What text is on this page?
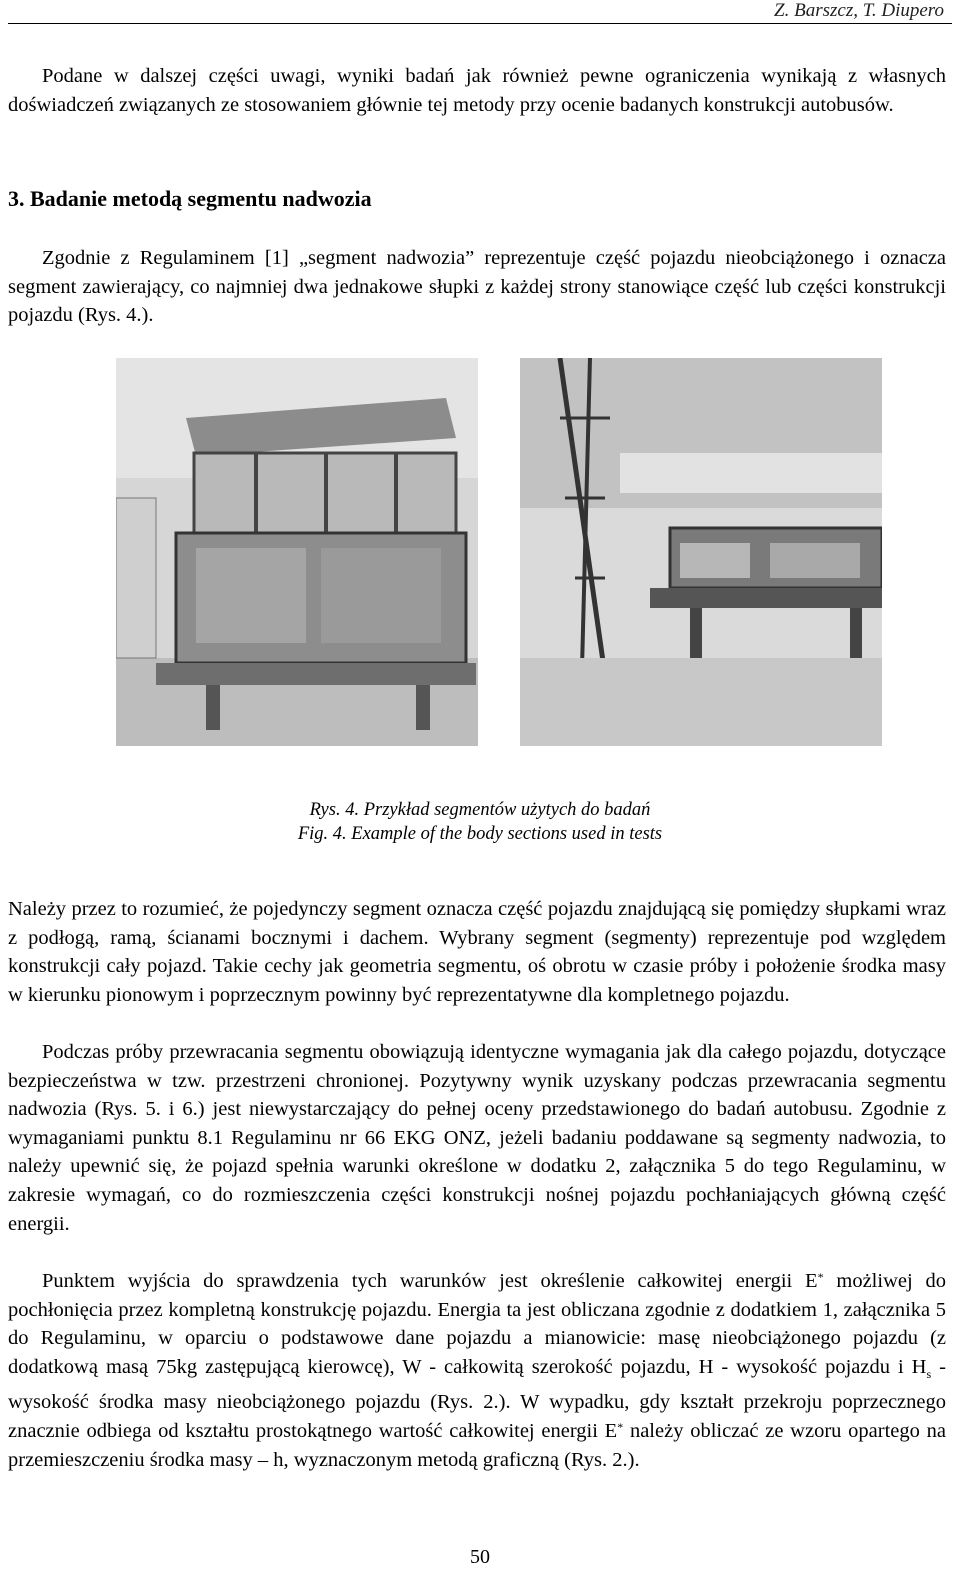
Z. Barszcz, T. Diupero

Podane w dalszej części uwagi, wyniki badań jak również pewne ograniczenia wynikają z własnych doświadczeń związanych ze stosowaniem głównie tej metody przy ocenie badanych konstrukcji autobusów.

3. Badanie metodą segmentu nadwozia

Zgodnie z Regulaminem [1] „segment nadwozia” reprezentuje część pojazdu nieobciążonego i oznacza segment zawierający, co najmniej dwa jednakowe słupki z każdej strony stanowiące część lub części konstrukcji pojazdu (Rys. 4.).

Rys. 4. Przykład segmentów użytych do badań
Fig. 4. Example of the body sections used in tests

Należy przez to rozumieć, że pojedynczy segment oznacza część pojazdu znajdującą się pomiędzy słupkami wraz z podłogą, ramą, ścianami bocznymi i dachem. Wybrany segment (segmenty) reprezentuje pod względem konstrukcji cały pojazd. Takie cechy jak geometria segmentu, oś obrotu w czasie próby i położenie środka masy w kierunku pionowym i poprzecznym powinny być reprezentatywne dla kompletnego pojazdu.

Podczas próby przewracania segmentu obowiązują identyczne wymagania jak dla całego pojazdu, dotyczące bezpieczeństwa w tzw. przestrzeni chronionej. Pozytywny wynik uzyskany podczas przewracania segmentu nadwozia (Rys. 5. i 6.) jest niewystarczający do pełnej oceny przedstawionego do badań autobusu. Zgodnie z wymaganiami punktu 8.1 Regulaminu nr 66 EKG ONZ, jeżeli badaniu poddawane są segmenty nadwozia, to należy upewnić się, że pojazd spełnia warunki określone w dodatku 2, załącznika 5 do tego Regulaminu, w zakresie wymagań, co do rozmieszczenia części konstrukcji nośnej pojazdu pochłaniających główną część energii.

Punktem wyjścia do sprawdzenia tych warunków jest określenie całkowitej energii E* możliwej do pochłonięcia przez kompletną konstrukcję pojazdu. Energia ta jest obliczana zgodnie z dodatkiem 1, załącznika 5 do Regulaminu, w oparciu o podstawowe dane pojazdu a mianowicie: masę nieobciążonego pojazdu (z dodatkową masą 75kg zastępującą kierowcę), W - całkowitą szerokość pojazdu, H - wysokość pojazdu i $H_s$ - wysokość środka masy nieobciążonego pojazdu (Rys. 2.). W wypadku, gdy kształt przekroju poprzecznego znacznie odbiega od kształtu prostokątnego wartość całkowitej energii E* należy obliczać ze wzoru opartego na przemieszczeniu środka masy – h, wyznaczonym metodą graficzną (Rys. 2.).

50
